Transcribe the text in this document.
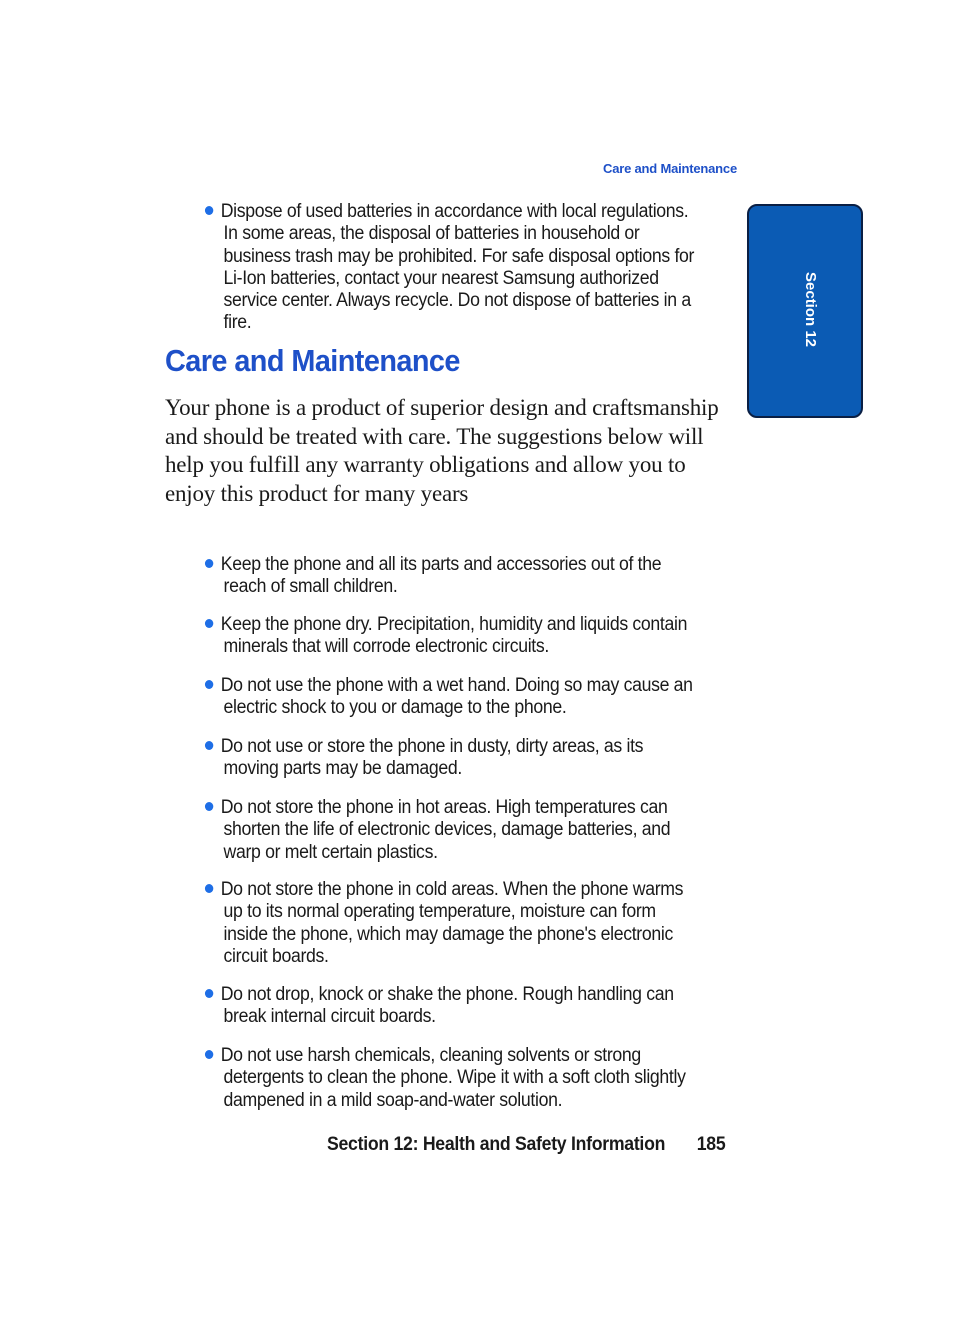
Care and Maintenance
Section 12
Dispose of used batteries in accordance with local regulations. In some areas, the disposal of batteries in household or business trash may be prohibited. For safe disposal options for Li-Ion batteries, contact your nearest Samsung authorized service center. Always recycle. Do not dispose of batteries in a fire.
Care and Maintenance
Your phone is a product of superior design and craftsmanship and should be treated with care. The suggestions below will help you fulfill any warranty obligations and allow you to enjoy this product for many years
Keep the phone and all its parts and accessories out of the reach of small children.
Keep the phone dry. Precipitation, humidity and liquids contain minerals that will corrode electronic circuits.
Do not use the phone with a wet hand. Doing so may cause an electric shock to you or damage to the phone.
Do not use or store the phone in dusty, dirty areas, as its moving parts may be damaged.
Do not store the phone in hot areas. High temperatures can shorten the life of electronic devices, damage batteries, and warp or melt certain plastics.
Do not store the phone in cold areas. When the phone warms up to its normal operating temperature, moisture can form inside the phone, which may damage the phone's electronic circuit boards.
Do not drop, knock or shake the phone. Rough handling can break internal circuit boards.
Do not use harsh chemicals, cleaning solvents or strong detergents to clean the phone. Wipe it with a soft cloth slightly dampened in a mild soap-and-water solution.
Section 12: Health and Safety Information 185
